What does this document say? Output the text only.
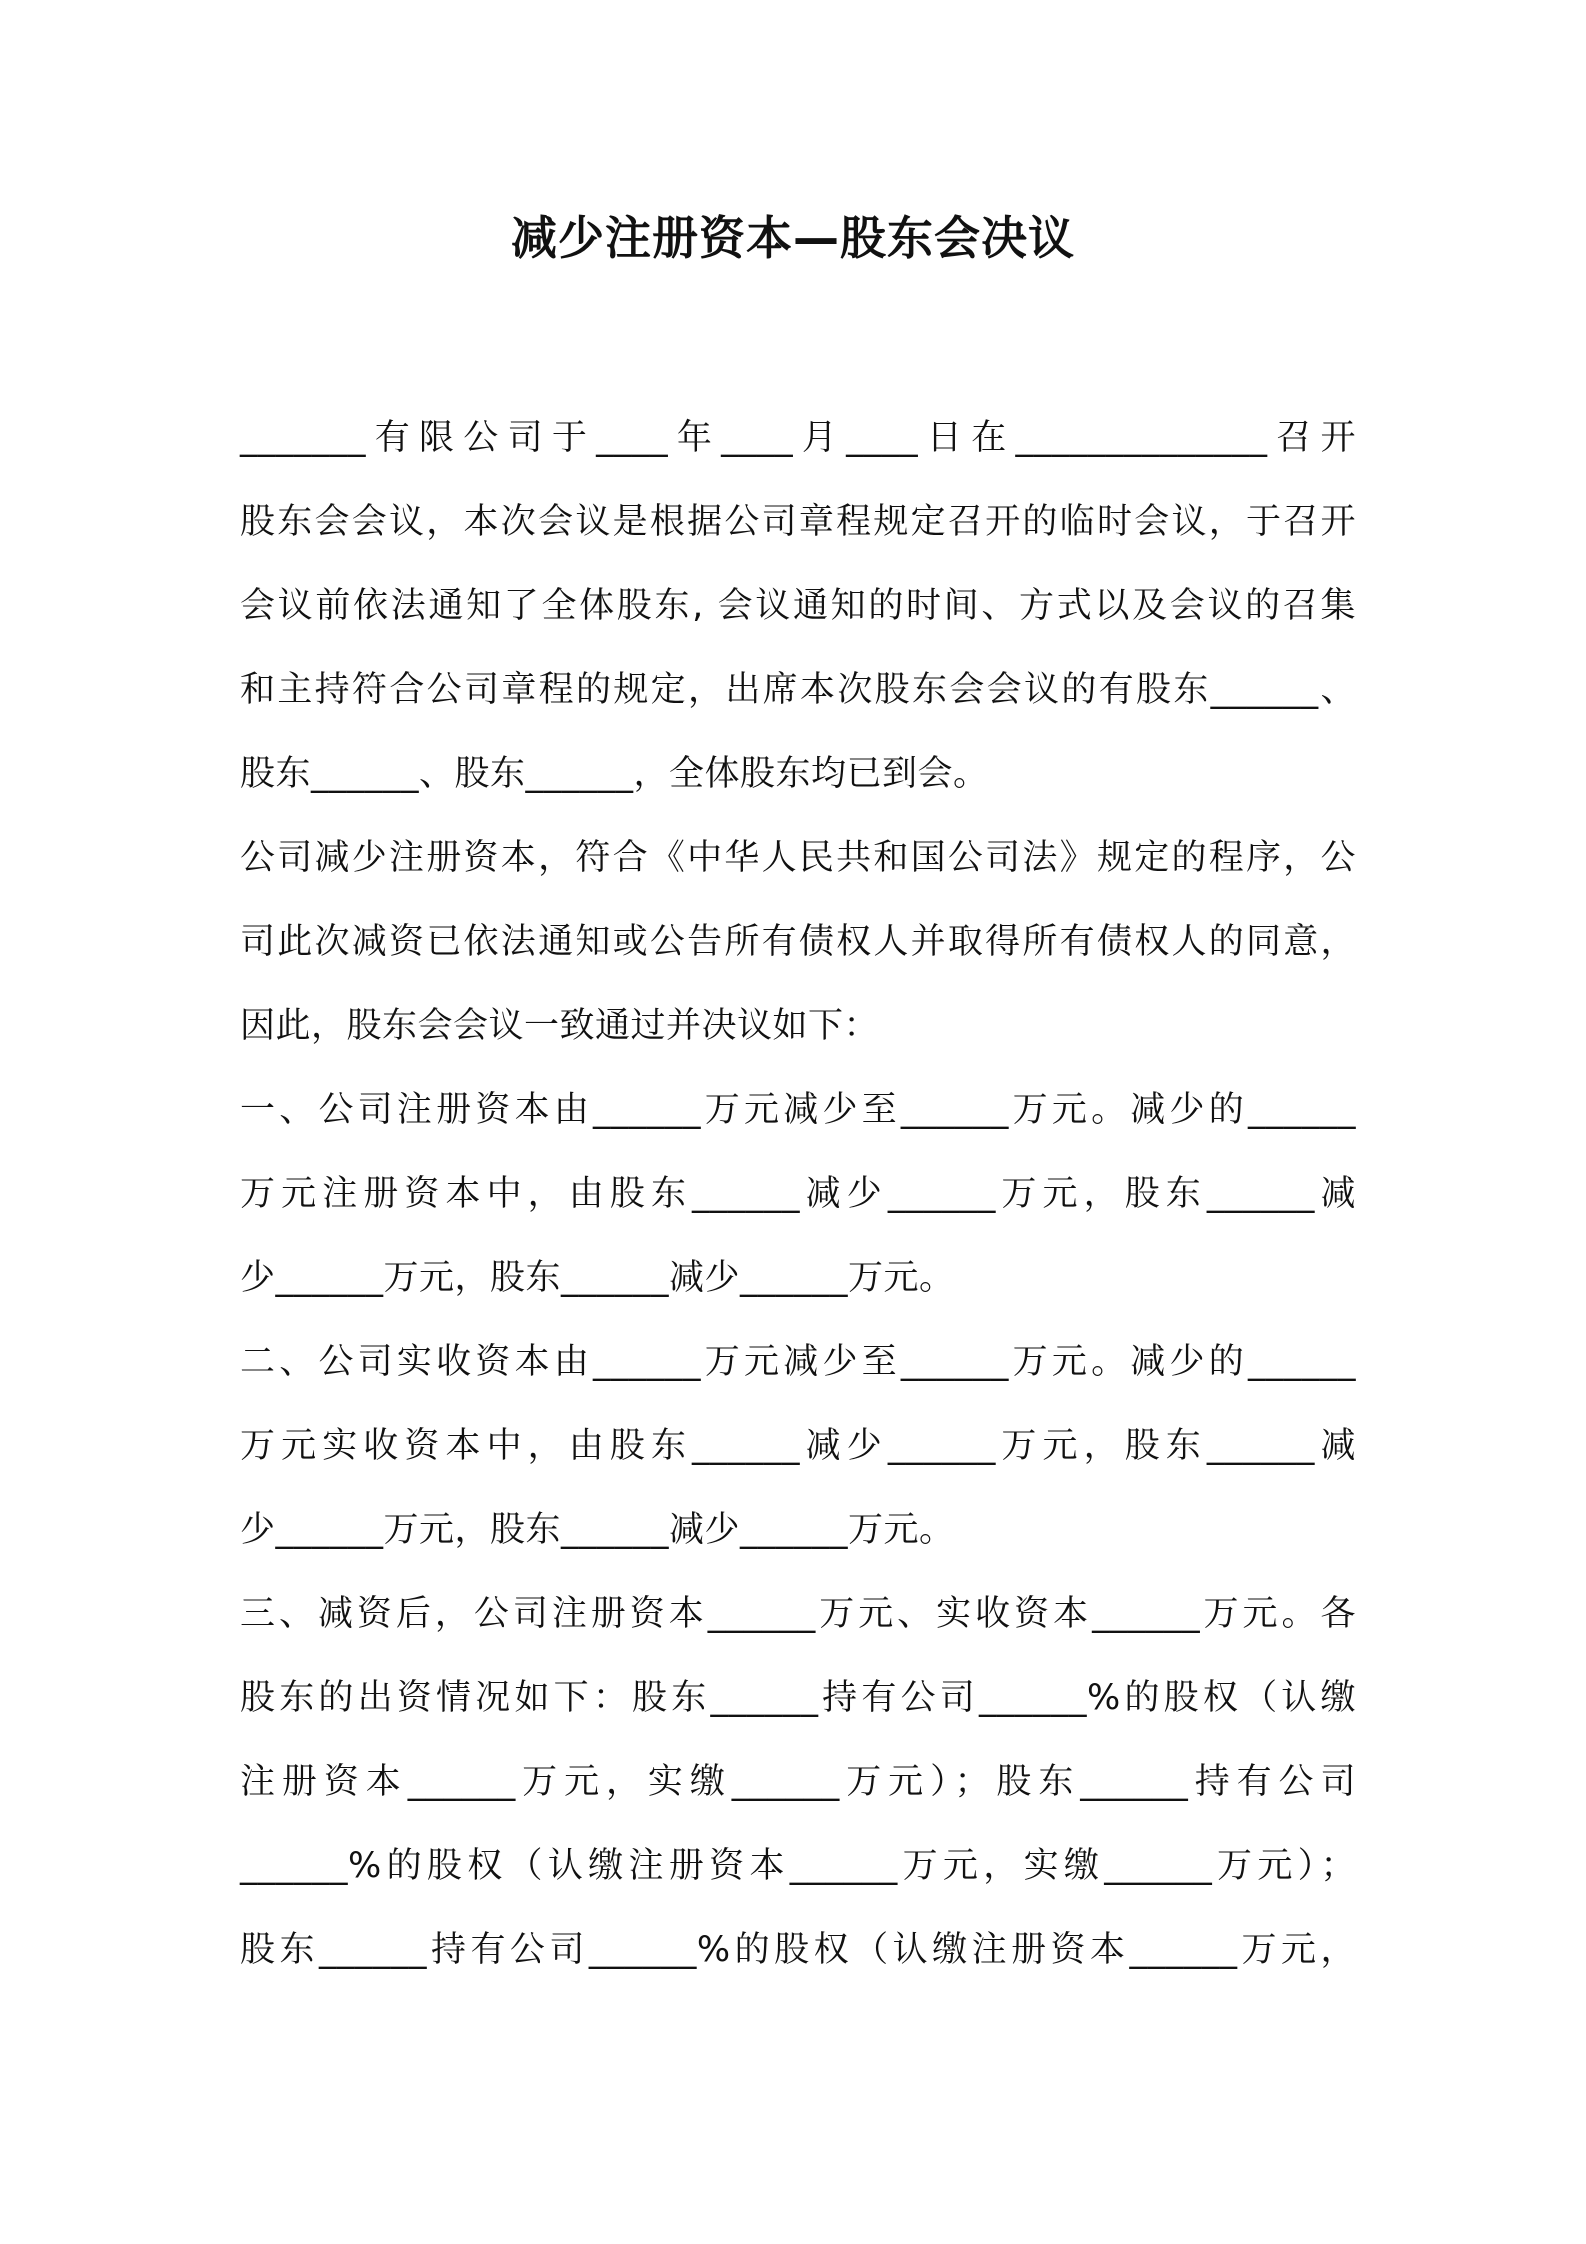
减少注册资本—股东会决议
_______有限公司于____年____月____日在______________召开
股东会会议，本次会议是根据公司章程规定召开的临时会议，于召开
会议前依法通知了全体股东, 会议通知的时间、方式以及会议的召集
和主持符合公司章程的规定，出席本次股东会会议的有股东______、
股东______、股东______，全体股东均已到会。
公司减少注册资本，符合《中华人民共和国公司法》规定的程序，公
司此次减资已依法通知或公告所有债权人并取得所有债权人的同意，
因此，股东会会议一致通过并决议如下：
一、公司注册资本由______万元减少至______万元。减少的______
万元注册资本中，由股东______减少______万元，股东______减
少______万元，股东______减少______万元。
二、公司实收资本由______万元减少至______万元。减少的______
万元实收资本中，由股东______减少______万元，股东______减
少______万元，股东______减少______万元。
三、减资后，公司注册资本______万元、实收资本______万元。各
股东的出资情况如下：股东______持有公司______%的股权（认缴
注册资本______万元，实缴______万元）；股东______持有公司
______%的股权（认缴注册资本______万元，实缴______万元）；
股东______持有公司______%的股权（认缴注册资本______万元，
